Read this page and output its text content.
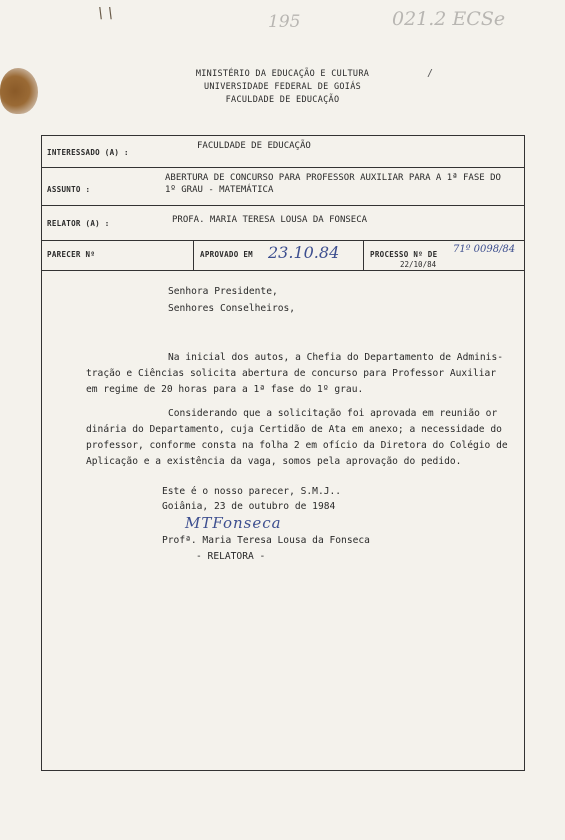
\ \	195	021.2 ECSe
/
MINISTÉRIO DA EDUCAÇÃO E CULTURA
UNIVERSIDADE FEDERAL DE GOIÁS
FACULDADE DE EDUCAÇÃO
INTERESSADO (A) :
FACULDADE DE EDUCAÇÃO
ASSUNTO :
ABERTURA DE CONCURSO PARA PROFESSOR AUXILIAR PARA A 1ª FASE DO
1º GRAU - MATEMÁTICA
RELATOR (A) :	PROFA. MARIA TERESA LOUSA DA FONSECA
PARECER Nº	APROVADO EM 23.10.84	PROCESSO Nº DE 71º 0098/84
22/10/84
Senhora Presidente,
Senhores Conselheiros,
Na inicial dos autos, a Chefia do Departamento de Adminis-
tração e Ciências solicita abertura de concurso para Professor Auxiliar
em regime de 20 horas para a 1ª fase do 1º grau.
Considerando que a solicitação foi aprovada em reunião or
dinária do Departamento, cuja Certidão de Ata em anexo; a necessidade do
professor, conforme consta na folha 2 em ofício da Diretora do Colégio de
Aplicação e a existência da vaga, somos pela aprovação do pedido.
Este é o nosso parecer, S.M.J..
Goiânia, 23 de outubro de 1984
MTFonseca
Profª. Maria Teresa Lousa da Fonseca
- RELATORA -
